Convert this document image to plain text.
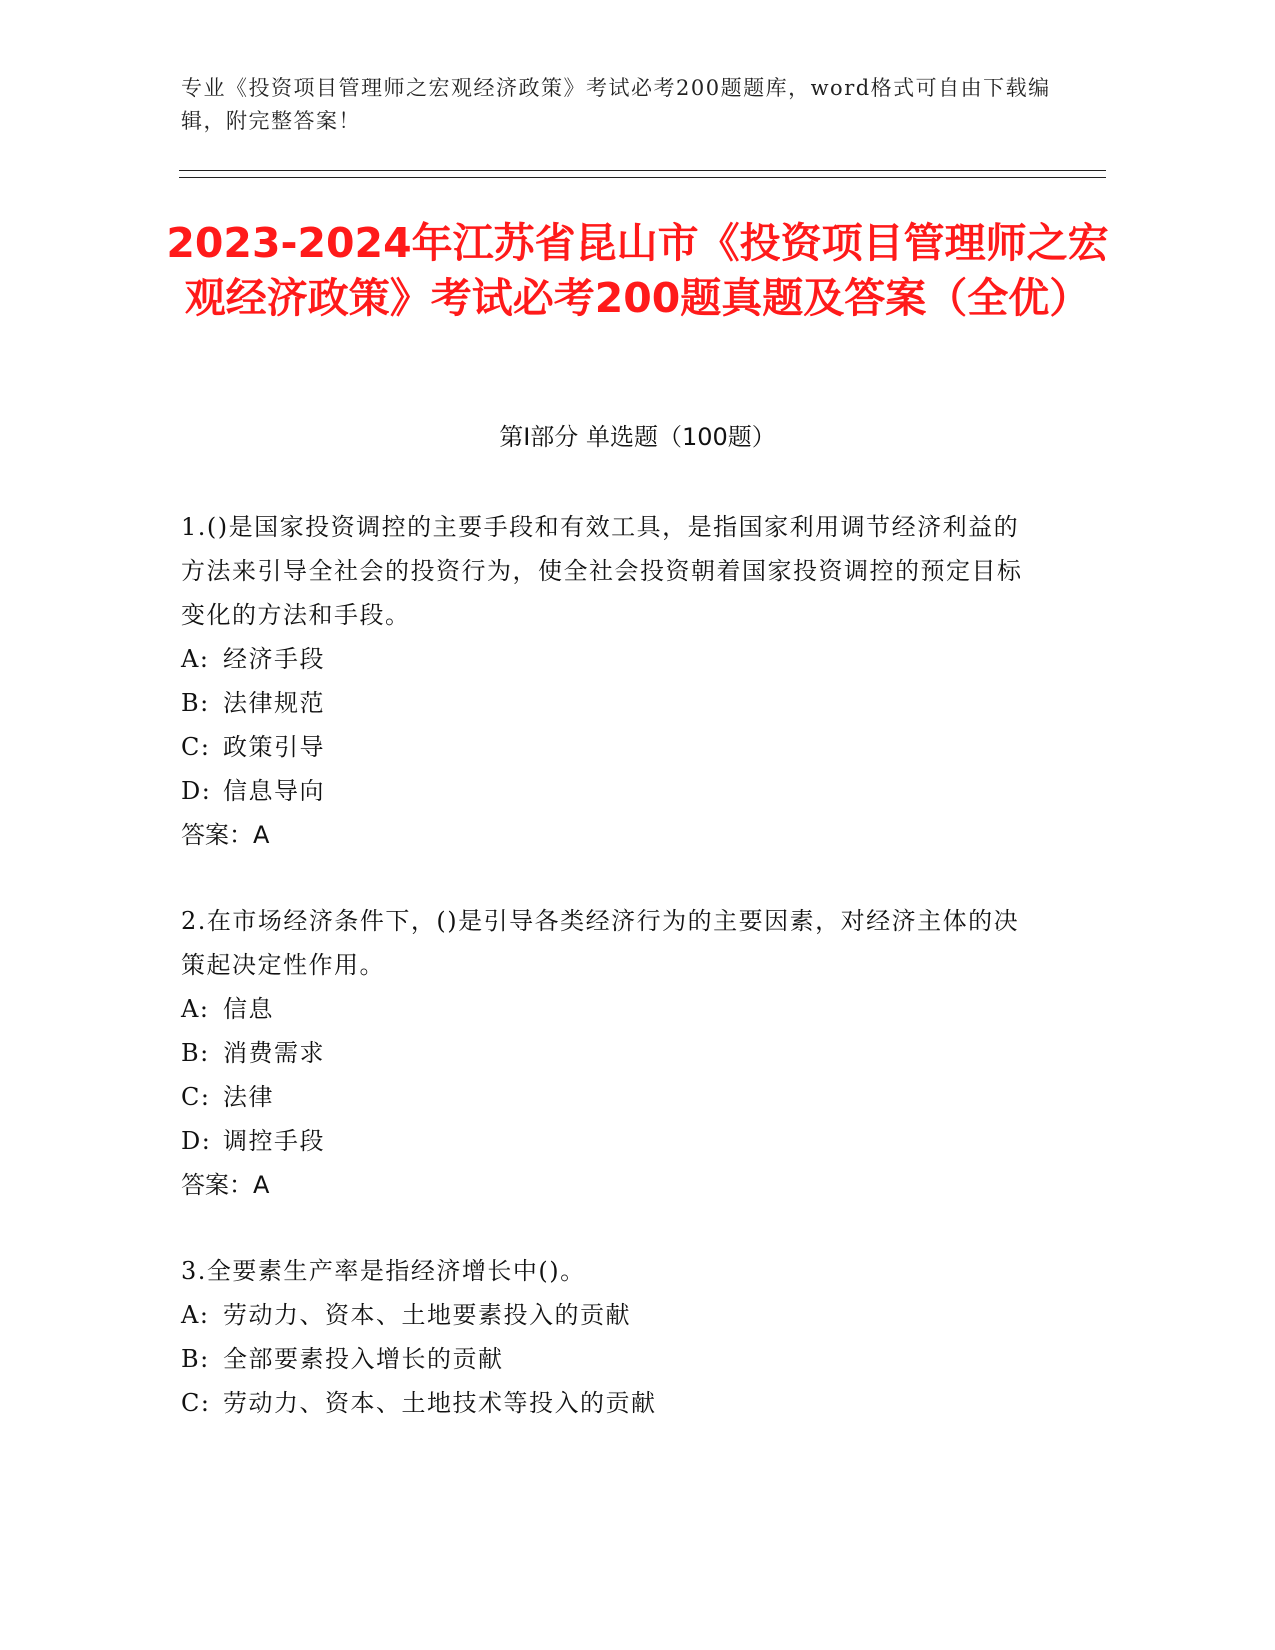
专业《投资项目管理师之宏观经济政策》考试必考200题题库，word格式可自由下载编辑，附完整答案！
2023-2024年江苏省昆山市《投资项目管理师之宏观经济政策》考试必考200题真题及答案（全优）
第I部分 单选题（100题）

1.()是国家投资调控的主要手段和有效工具，是指国家利用调节经济利益的方法来引导全社会的投资行为，使全社会投资朝着国家投资调控的预定目标变化的方法和手段。

A: 经济手段
B: 法律规范
C: 政策引导
D: 信息导向
答案：A

2.在市场经济条件下，()是引导各类经济行为的主要因素，对经济主体的决策起决定性作用。

A: 信息
B: 消费需求
C: 法律
D: 调控手段
答案：A

3.全要素生产率是指经济增长中()。

A: 劳动力、资本、土地要素投入的贡献
B: 全部要素投入增长的贡献
C: 劳动力、资本、土地技术等投入的贡献
